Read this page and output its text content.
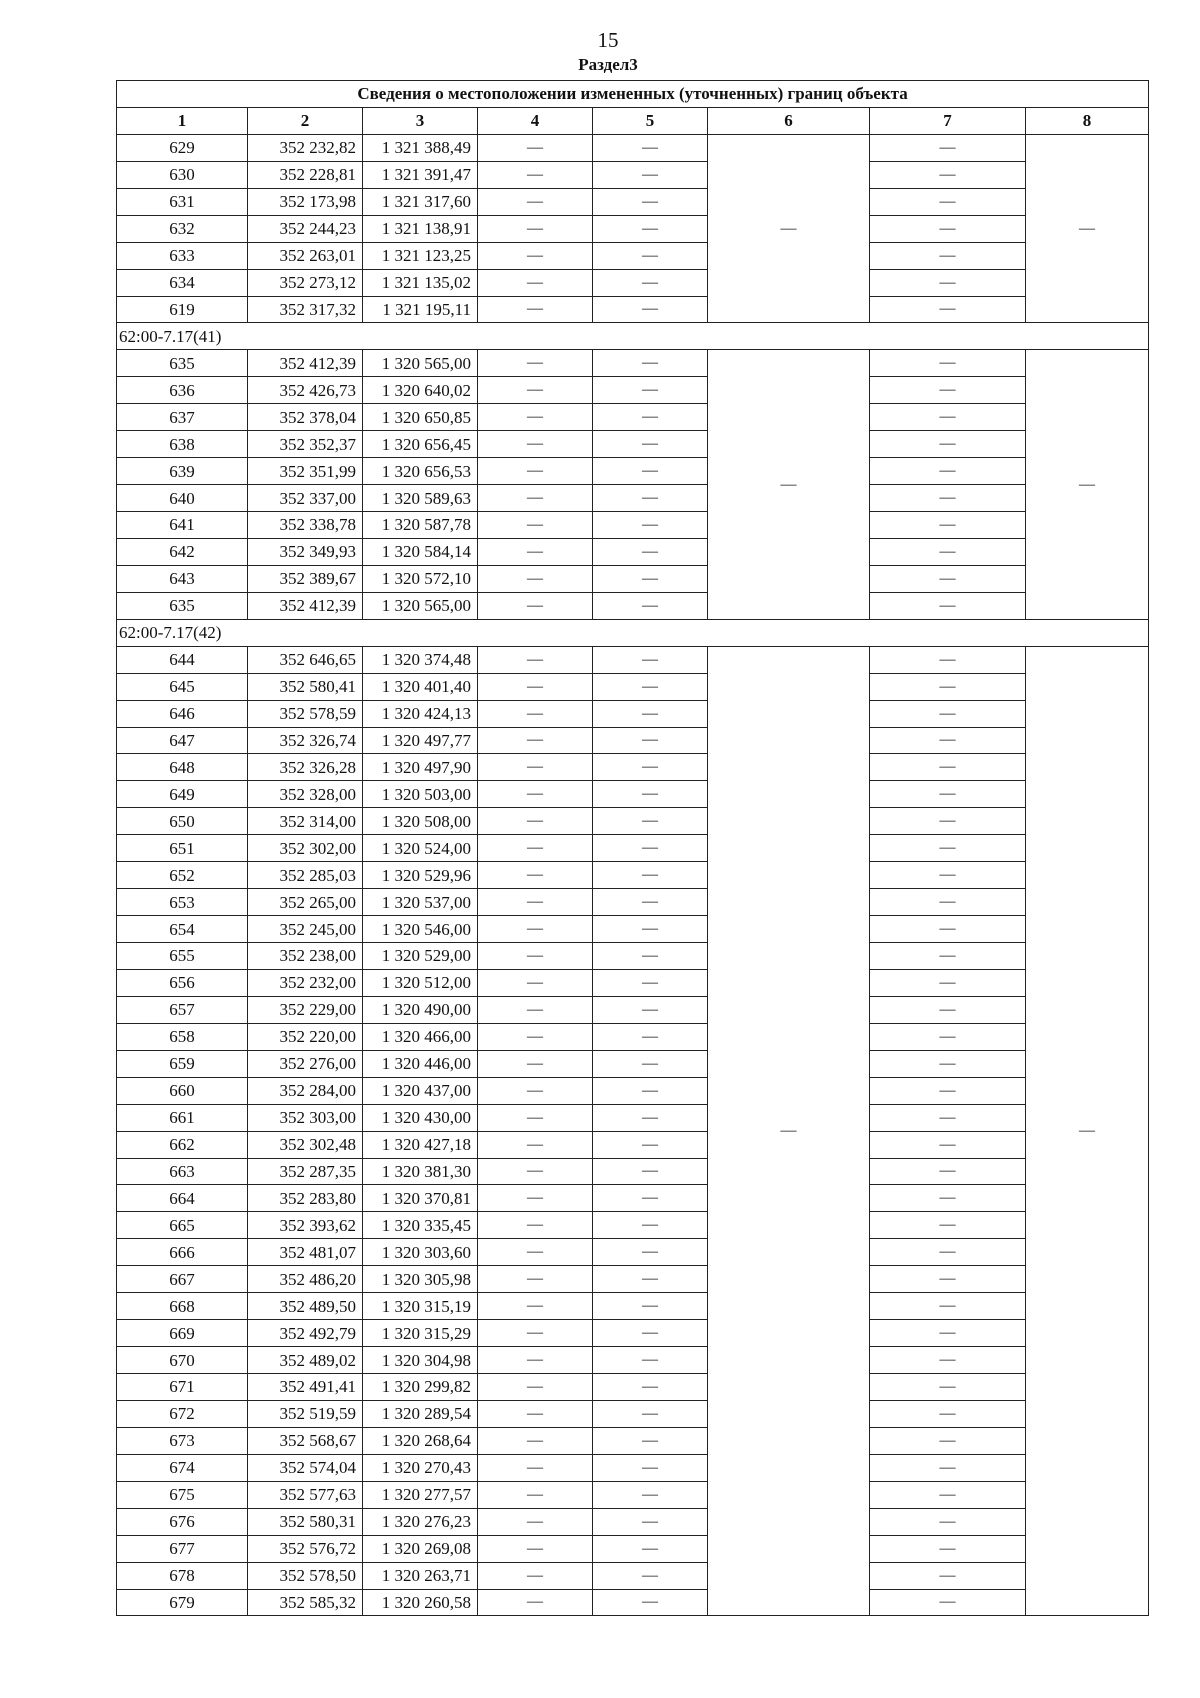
15
Раздел3
Сведения о местоположении измененных (уточненных) границ объекта							
1	2	3	4	5	6	7	8
629	352 232,82	1 321 388,49	—	—	—	—	—
630	352 228,81	1 321 391,47	—	—		—	
631	352 173,98	1 321 317,60	—	—		—	
632	352 244,23	1 321 138,91	—	—		—	
633	352 263,01	1 321 123,25	—	—		—	
634	352 273,12	1 321 135,02	—	—		—	
619	352 317,32	1 321 195,11	—	—		—	
62:00-7.17(41)							
635	352 412,39	1 320 565,00	—	—	—	—	—
636	352 426,73	1 320 640,02	—	—		—	
637	352 378,04	1 320 650,85	—	—		—	
638	352 352,37	1 320 656,45	—	—		—	
639	352 351,99	1 320 656,53	—	—		—	
640	352 337,00	1 320 589,63	—	—		—	
641	352 338,78	1 320 587,78	—	—		—	
642	352 349,93	1 320 584,14	—	—		—	
643	352 389,67	1 320 572,10	—	—		—	
635	352 412,39	1 320 565,00	—	—		—	
62:00-7.17(42)							
644	352 646,65	1 320 374,48	—	—	—	—	—
645	352 580,41	1 320 401,40	—	—		—	
646	352 578,59	1 320 424,13	—	—		—	
647	352 326,74	1 320 497,77	—	—		—	
648	352 326,28	1 320 497,90	—	—		—	
649	352 328,00	1 320 503,00	—	—		—	
650	352 314,00	1 320 508,00	—	—		—	
651	352 302,00	1 320 524,00	—	—		—	
652	352 285,03	1 320 529,96	—	—		—	
653	352 265,00	1 320 537,00	—	—		—	
654	352 245,00	1 320 546,00	—	—		—	
655	352 238,00	1 320 529,00	—	—		—	
656	352 232,00	1 320 512,00	—	—		—	
657	352 229,00	1 320 490,00	—	—		—	
658	352 220,00	1 320 466,00	—	—		—	
659	352 276,00	1 320 446,00	—	—		—	
660	352 284,00	1 320 437,00	—	—		—	
661	352 303,00	1 320 430,00	—	—		—	
662	352 302,48	1 320 427,18	—	—		—	
663	352 287,35	1 320 381,30	—	—		—	
664	352 283,80	1 320 370,81	—	—		—	
665	352 393,62	1 320 335,45	—	—		—	
666	352 481,07	1 320 303,60	—	—		—	
667	352 486,20	1 320 305,98	—	—		—	
668	352 489,50	1 320 315,19	—	—		—	
669	352 492,79	1 320 315,29	—	—		—	
670	352 489,02	1 320 304,98	—	—		—	
671	352 491,41	1 320 299,82	—	—		—	
672	352 519,59	1 320 289,54	—	—		—	
673	352 568,67	1 320 268,64	—	—		—	
674	352 574,04	1 320 270,43	—	—		—	
675	352 577,63	1 320 277,57	—	—		—	
676	352 580,31	1 320 276,23	—	—		—	
677	352 576,72	1 320 269,08	—	—		—	
678	352 578,50	1 320 263,71	—	—		—	
679	352 585,32	1 320 260,58	—	—		—	
